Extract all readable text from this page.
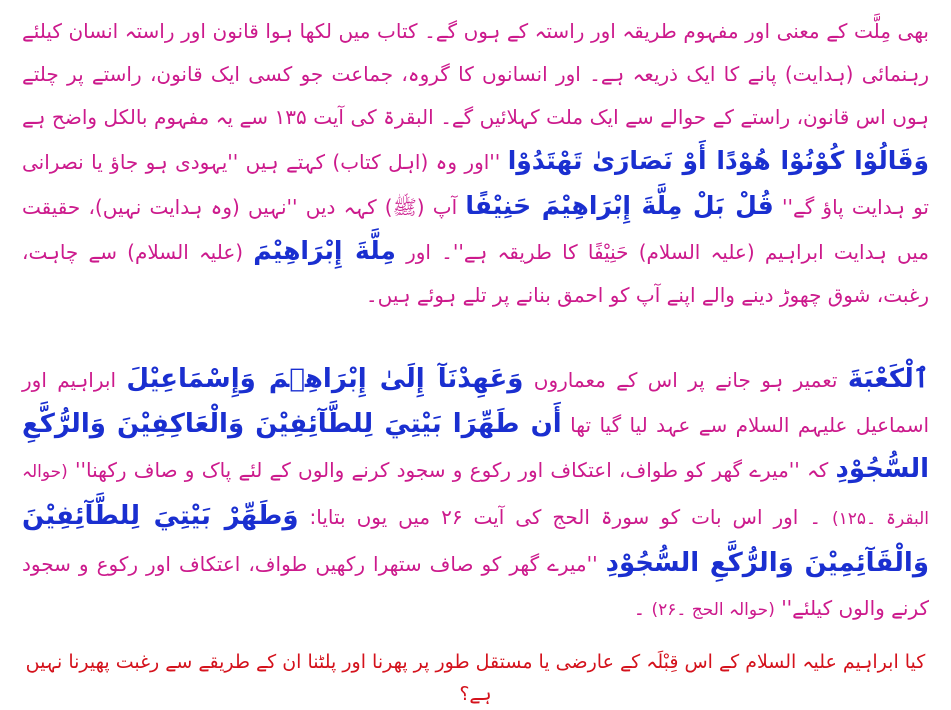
بھی مِلَّت کے معنی اور مفہوم طریقہ اور راستہ کے ہوں گے۔ کتاب میں لکھا ہوا قانون اور راستہ انسان کیلئے رہنمائی (ہدایت) پانے کا ایک ذریعہ ہے۔ اور انسانوں کا گروہ، جماعت جو کسی ایک قانون، راستے پر چلتے ہوں اس قانون، راستے کے حوالے سے ایک ملت کہلائیں گے۔ البقرۃ کی آیت ۱۳۵ سے یہ مفہوم بالکل واضح ہے وَقَالُوْا كُوْنُوْا هُوْدًا أَوْ نَصَارَىٰ تَهْتَدُوْا ''اور وہ (اہل کتاب) کہتے ہیں ''یہودی ہو جاؤ یا نصرانی تو ہدایت پاؤ گے'' قُلْ بَلْ مِلَّةَ إِبْرَاهِيْمَ حَنِيْفًا آپ (ﷺ) کہہ دیں ''نہیں (وہ ہدایت نہیں)، حقیقت میں ہدایت ابراہیم (علیہ السلام) حَنِيْفًا کا طریقہ ہے''۔ اور مِلَّةَ إِبْرَاهِيْمَ (علیہ السلام) سے چاہت، رغبت، شوق چھوڑ دینے والے اپنے آپ کو احمق بنانے پر تلے ہوئے ہیں۔

ٱلْكَعْبَةَ تعمیر ہو جانے پر اس کے معماروں وَعَهِدْنَآ إِلَىٰ إِبْرَاهِ‍ۧمَ وَإِسْمَاعِيْلَ ابراہیم اور اسماعیل علیہم السلام سے عہد لیا گیا تھا أَن طَهِّرَا بَيْتِيَ لِلطَّآئِفِيْنَ وَالْعَاكِفِيْنَ وَالرُّكَّعِ السُّجُوْدِ کہ ''میرے گھر کو طواف، اعتکاف اور رکوع و سجود کرنے والوں کے لئے پاک و صاف رکھنا'' (حوالہ البقرۃ ۔۱۲۵) ۔ اور اس بات کو سورۃ الحج کی آیت ۲۶ میں یوں بتایا: وَطَهِّرْ بَيْتِيَ لِلطَّآئِفِيْنَ وَالْقَآئِمِيْنَ وَالرُّكَّعِ السُّجُوْدِ ''میرے گھر کو صاف ستھرا رکھیں طواف، اعتکاف اور رکوع و سجود کرنے والوں کیلئے'' (حوالہ الحج ۔۲۶) ۔

کیا ابراہیم علیہ السلام کے اس قِبْلَہ کے عارضی یا مستقل طور پر پھرنا اور پلٹنا ان کے طریقے سے رغبت پھیرنا نہیں ہے؟
